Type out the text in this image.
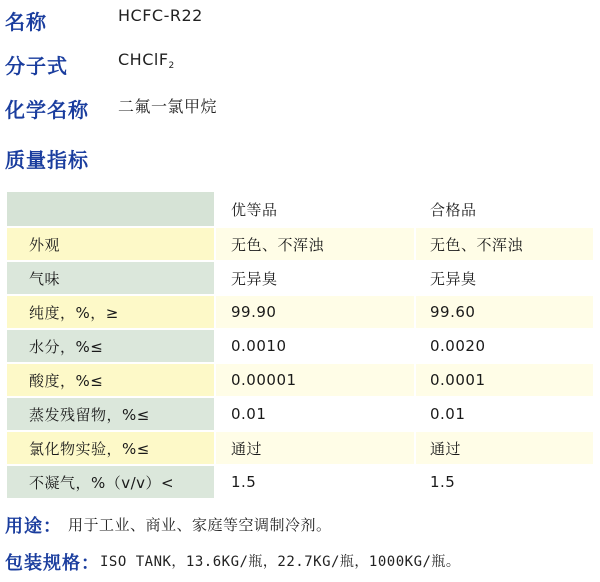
名称	HCFC-R22
分子式	CHClF$_2$
化学名称 二氟一氯甲烷
质量指标
	优等品	合格品
外观	无色、不浑浊	无色、不浑浊
气味	无异臭	无异臭
纯度，%，≥	99.90	99.60
水分，%≤	0.0010	0.0020
酸度，%≤	0.00001	0.0001
蒸发残留物，%≤	0.01	0.01
氯化物实验，%≤	通过	通过
不凝气，%（v/v）<	1.5	1.5
用途： 用于工业、商业、家庭等空调制冷剂。
包装规格： ISO TANK，13.6KG/瓶，22.7KG/瓶，1000KG/瓶。
